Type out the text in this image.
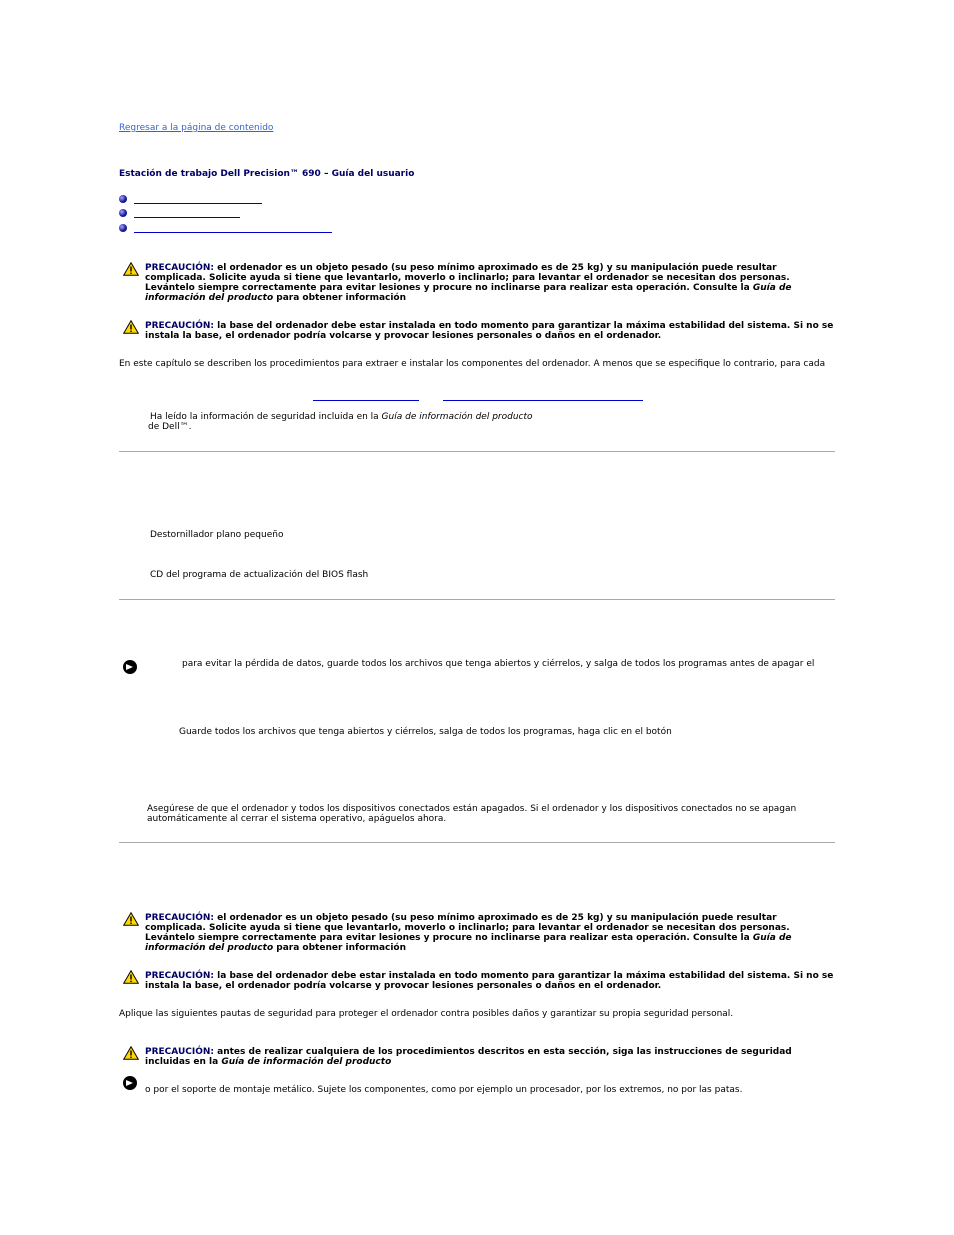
Regresar a la página de contenido
Estación de trabajo Dell Precision™ 690 – Guía del usuario
PRECAUCIÓN: el ordenador es un objeto pesado (su peso mínimo aproximado es de 25 kg) y su manipulación puede resultar complicada. Solicite ayuda si tiene que levantarlo, moverlo o inclinarlo; para levantar el ordenador se necesitan dos personas. Levántelo siempre correctamente para evitar lesiones y procure no inclinarse para realizar esta operación. Consulte la Guía de información del producto para obtener información
PRECAUCIÓN: la base del ordenador debe estar instalada en todo momento para garantizar la máxima estabilidad del sistema. Si no se instala la base, el ordenador podría volcarse y provocar lesiones personales o daños en el ordenador.
En este capítulo se describen los procedimientos para extraer e instalar los componentes del ordenador. A menos que se especifique lo contrario, para cada
Ha leído la información de seguridad incluida en la Guía de información del producto
de Dell™.
Destornillador plano pequeño
CD del programa de actualización del BIOS flash
para evitar la pérdida de datos, guarde todos los archivos que tenga abiertos y ciérrelos, y salga de todos los programas antes de apagar el
Guarde todos los archivos que tenga abiertos y ciérrelos, salga de todos los programas, haga clic en el botón
Asegúrese de que el ordenador y todos los dispositivos conectados están apagados. Si el ordenador y los dispositivos conectados no se apagan automáticamente al cerrar el sistema operativo, apáguelos ahora.
PRECAUCIÓN: el ordenador es un objeto pesado (su peso mínimo aproximado es de 25 kg) y su manipulación puede resultar complicada. Solicite ayuda si tiene que levantarlo, moverlo o inclinarlo; para levantar el ordenador se necesitan dos personas. Levántelo siempre correctamente para evitar lesiones y procure no inclinarse para realizar esta operación. Consulte la Guía de información del producto para obtener información
PRECAUCIÓN: la base del ordenador debe estar instalada en todo momento para garantizar la máxima estabilidad del sistema. Si no se instala la base, el ordenador podría volcarse y provocar lesiones personales o daños en el ordenador.
Aplique las siguientes pautas de seguridad para proteger el ordenador contra posibles daños y garantizar su propia seguridad personal.
PRECAUCIÓN: antes de realizar cualquiera de los procedimientos descritos en esta sección, siga las instrucciones de seguridad incluidas en la Guía de información del producto
o por el soporte de montaje metálico. Sujete los componentes, como por ejemplo un procesador, por los extremos, no por las patas.
